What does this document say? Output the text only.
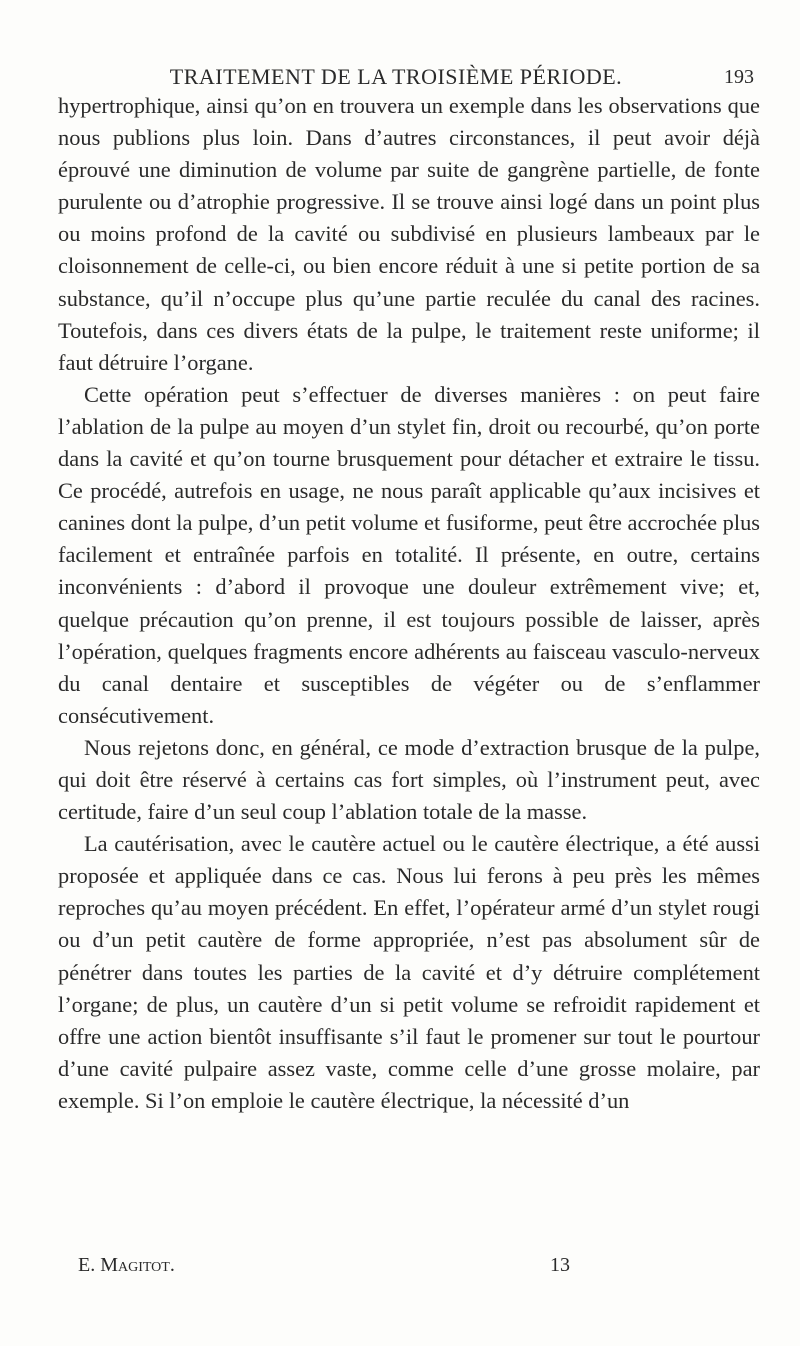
TRAITEMENT DE LA TROISIÈME PÉRIODE.	193

hypertrophique, ainsi qu’on en trouvera un exemple dans les observations que nous publions plus loin. Dans d’autres circonstances, il peut avoir déjà éprouvé une diminution de volume par suite de gangrène partielle, de fonte purulente ou d’atrophie progressive. Il se trouve ainsi logé dans un point plus ou moins profond de la cavité ou subdivisé en plusieurs lambeaux par le cloisonnement de celle-ci, ou bien encore réduit à une si petite portion de sa substance, qu’il n’occupe plus qu’une partie reculée du canal des racines. Toutefois, dans ces divers états de la pulpe, le traitement reste uniforme; il faut détruire l’organe.

Cette opération peut s’effectuer de diverses manières : on peut faire l’ablation de la pulpe au moyen d’un stylet fin, droit ou recourbé, qu’on porte dans la cavité et qu’on tourne brusquement pour détacher et extraire le tissu. Ce procédé, autrefois en usage, ne nous paraît applicable qu’aux incisives et canines dont la pulpe, d’un petit volume et fusiforme, peut être accrochée plus facilement et entraînée parfois en totalité. Il présente, en outre, certains inconvénients : d’abord il provoque une douleur extrêmement vive; et, quelque précaution qu’on prenne, il est toujours possible de laisser, après l’opération, quelques fragments encore adhérents au faisceau vasculo-nerveux du canal dentaire et susceptibles de végéter ou de s’enflammer consécutivement.

Nous rejetons donc, en général, ce mode d’extraction brusque de la pulpe, qui doit être réservé à certains cas fort simples, où l’instrument peut, avec certitude, faire d’un seul coup l’ablation totale de la masse.

La cautérisation, avec le cautère actuel ou le cautère électrique, a été aussi proposée et appliquée dans ce cas. Nous lui ferons à peu près les mêmes reproches qu’au moyen précédent. En effet, l’opérateur armé d’un stylet rougi ou d’un petit cautère de forme appropriée, n’est pas absolument sûr de pénétrer dans toutes les parties de la cavité et d’y détruire complétement l’organe; de plus, un cautère d’un si petit volume se refroidit rapidement et offre une action bientôt insuffisante s’il faut le promener sur tout le pourtour d’une cavité pulpaire assez vaste, comme celle d’une grosse molaire, par exemple. Si l’on emploie le cautère électrique, la nécessité d’un

E. Magitot.	13
